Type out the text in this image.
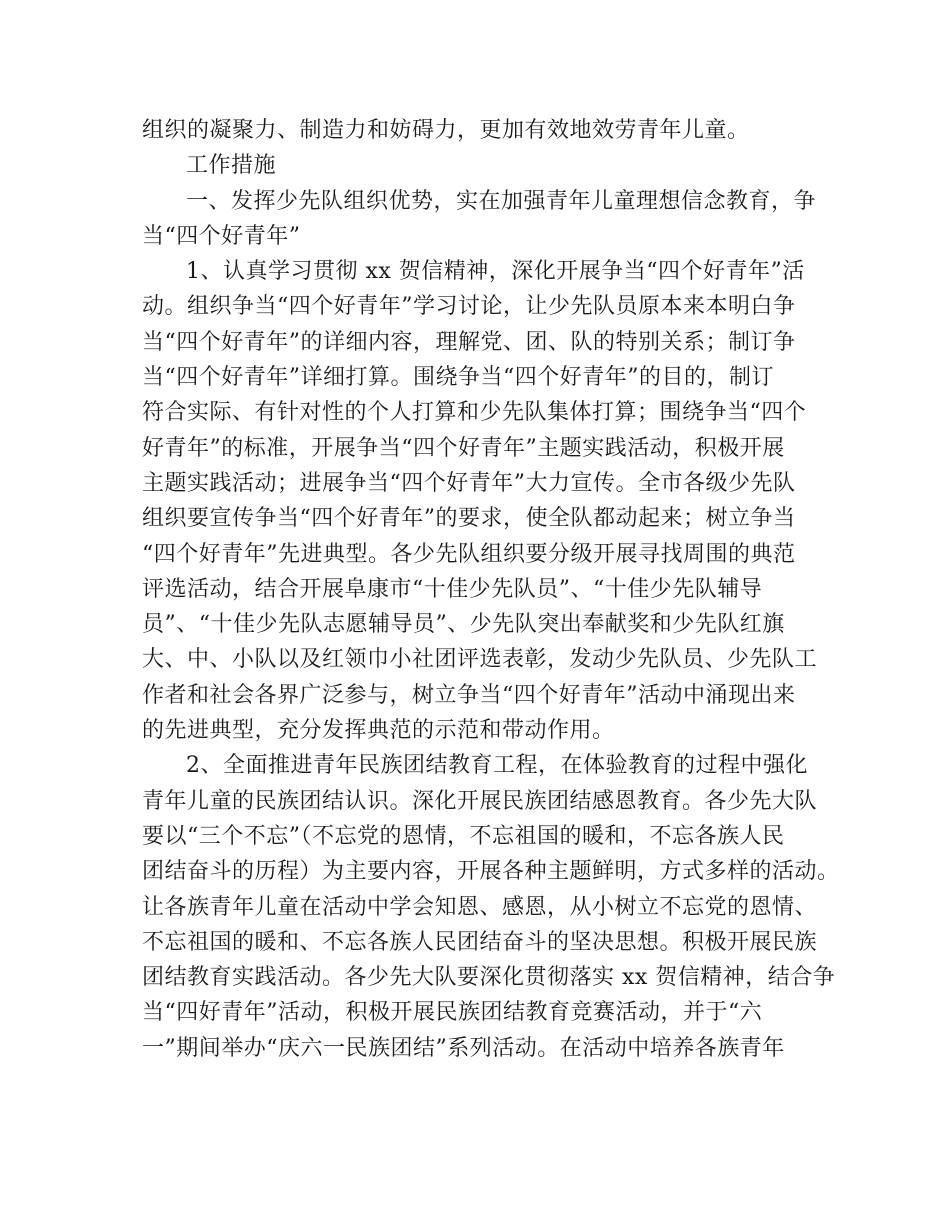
组织的凝聚力、制造力和妨碍力，更加有效地效劳青年儿童。
工作措施
一、发挥少先队组织优势，实在加强青年儿童理想信念教育，争
当“四个好青年”
1、认真学习贯彻 xx 贺信精神，深化开展争当“四个好青年”活
动。组织争当“四个好青年”学习讨论，让少先队员原本来本明白争
当“四个好青年”的详细内容，理解党、团、队的特别关系；制订争
当“四个好青年”详细打算。围绕争当“四个好青年”的目的，制订
符合实际、有针对性的个人打算和少先队集体打算；围绕争当“四个
好青年”的标准，开展争当“四个好青年”主题实践活动，积极开展
主题实践活动；进展争当“四个好青年”大力宣传。全市各级少先队
组织要宣传争当“四个好青年”的要求，使全队都动起来；树立争当
“四个好青年”先进典型。各少先队组织要分级开展寻找周围的典范
评选活动，结合开展阜康市“十佳少先队员”、“十佳少先队辅导
员”、“十佳少先队志愿辅导员”、少先队突出奉献奖和少先队红旗
大、中、小队以及红领巾小社团评选表彰，发动少先队员、少先队工
作者和社会各界广泛参与，树立争当“四个好青年”活动中涌现出来
的先进典型，充分发挥典范的示范和带动作用。
2、全面推进青年民族团结教育工程，在体验教育的过程中强化
青年儿童的民族团结认识。深化开展民族团结感恩教育。各少先大队
要以“三个不忘”（不忘党的恩情，不忘祖国的暖和，不忘各族人民
团结奋斗的历程）为主要内容，开展各种主题鲜明，方式多样的活动。
让各族青年儿童在活动中学会知恩、感恩，从小树立不忘党的恩情、
不忘祖国的暖和、不忘各族人民团结奋斗的坚决思想。积极开展民族
团结教育实践活动。各少先大队要深化贯彻落实 xx 贺信精神，结合争
当“四好青年”活动，积极开展民族团结教育竞赛活动，并于“六
一”期间举办“庆六一民族团结”系列活动。在活动中培养各族青年
